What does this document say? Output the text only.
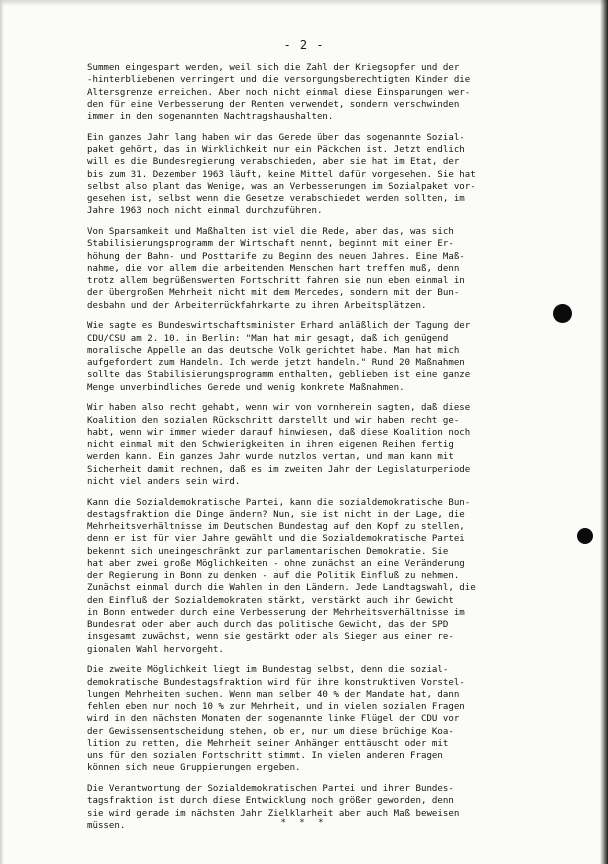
- 2 -
Summen eingespart werden, weil sich die Zahl der Kriegsopfer und der
-hinterbliebenen verringert und die versorgungsberechtigten Kinder die
Altersgrenze erreichen. Aber noch nicht einmal diese Einsparungen wer-
den für eine Verbesserung der Renten verwendet, sondern verschwinden
immer in den sogenannten Nachtragshaushalten.
Ein ganzes Jahr lang haben wir das Gerede über das sogenannte Sozial-
paket gehört, das in Wirklichkeit nur ein Päckchen ist. Jetzt endlich
will es die Bundesregierung verabschieden, aber sie hat im Etat, der
bis zum 31. Dezember 1963 läuft, keine Mittel dafür vorgesehen. Sie hat
selbst also plant das Wenige, was an Verbesserungen im Sozialpaket vor-
gesehen ist, selbst wenn die Gesetze verabschiedet werden sollten, im
Jahre 1963 noch nicht einmal durchzuführen.
Von Sparsamkeit und Maßhalten ist viel die Rede, aber das, was sich
Stabilisierungsprogramm der Wirtschaft nennt, beginnt mit einer Er-
höhung der Bahn- und Posttarife zu Beginn des neuen Jahres. Eine Maß-
nahme, die vor allem die arbeitenden Menschen hart treffen muß, denn
trotz allem begrüßenswerten Fortschritt fahren sie nun eben einmal in
der übergroßen Mehrheit nicht mit dem Mercedes, sondern mit der Bun-
desbahn und der Arbeiterrückfahrkarte zu ihren Arbeitsplätzen.
Wie sagte es Bundeswirtschaftsminister Erhard anläßlich der Tagung der
CDU/CSU am 2. 10. in Berlin: "Man hat mir gesagt, daß ich genügend
moralische Appelle an das deutsche Volk gerichtet habe. Man hat mich
aufgefordert zum Handeln. Ich werde jetzt handeln." Rund 20 Maßnahmen
sollte das Stabilisierungsprogramm enthalten, geblieben ist eine ganze
Menge unverbindliches Gerede und wenig konkrete Maßnahmen.
Wir haben also recht gehabt, wenn wir von vornherein sagten, daß diese
Koalition den sozialen Rückschritt darstellt und wir haben recht ge-
habt, wenn wir immer wieder darauf hinwiesen, daß diese Koalition noch
nicht einmal mit den Schwierigkeiten in ihren eigenen Reihen fertig
werden kann. Ein ganzes Jahr wurde nutzlos vertan, und man kann mit
Sicherheit damit rechnen, daß es im zweiten Jahr der Legislaturperiode
nicht viel anders sein wird.
Kann die Sozialdemokratische Partei, kann die sozialdemokratische Bun-
destagsfraktion die Dinge ändern? Nun, sie ist nicht in der Lage, die
Mehrheitsverhältnisse im Deutschen Bundestag auf den Kopf zu stellen,
denn er ist für vier Jahre gewählt und die Sozialdemokratische Partei
bekennt sich uneingeschränkt zur parlamentarischen Demokratie. Sie
hat aber zwei große Möglichkeiten - ohne zunächst an eine Veränderung
der Regierung in Bonn zu denken - auf die Politik Einfluß zu nehmen.
Zunächst einmal durch die Wahlen in den Ländern. Jede Landtagswahl, die
den Einfluß der Sozialdemokraten stärkt, verstärkt auch ihr Gewicht
in Bonn entweder durch eine Verbesserung der Mehrheitsverhältnisse im
Bundesrat oder aber auch durch das politische Gewicht, das der SPD
insgesamt zuwächst, wenn sie gestärkt oder als Sieger aus einer re-
gionalen Wahl hervorgeht.
Die zweite Möglichkeit liegt im Bundestag selbst, denn die sozial-
demokratische Bundestagsfraktion wird für ihre konstruktiven Vorstel-
lungen Mehrheiten suchen. Wenn man selber 40 % der Mandate hat, dann
fehlen eben nur noch 10 % zur Mehrheit, und in vielen sozialen Fragen
wird in den nächsten Monaten der sogenannte linke Flügel der CDU vor
der Gewissensentscheidung stehen, ob er, nur um diese brüchige Koa-
lition zu retten, die Mehrheit seiner Anhänger enttäuscht oder mit
uns für den sozialen Fortschritt stimmt. In vielen anderen Fragen
können sich neue Gruppierungen ergeben.
Die Verantwortung der Sozialdemokratischen Partei und ihrer Bundes-
tagsfraktion ist durch diese Entwicklung noch größer geworden, denn
sie wird gerade im nächsten Jahr Zielklarheit aber auch Maß beweisen
müssen.	* * *
